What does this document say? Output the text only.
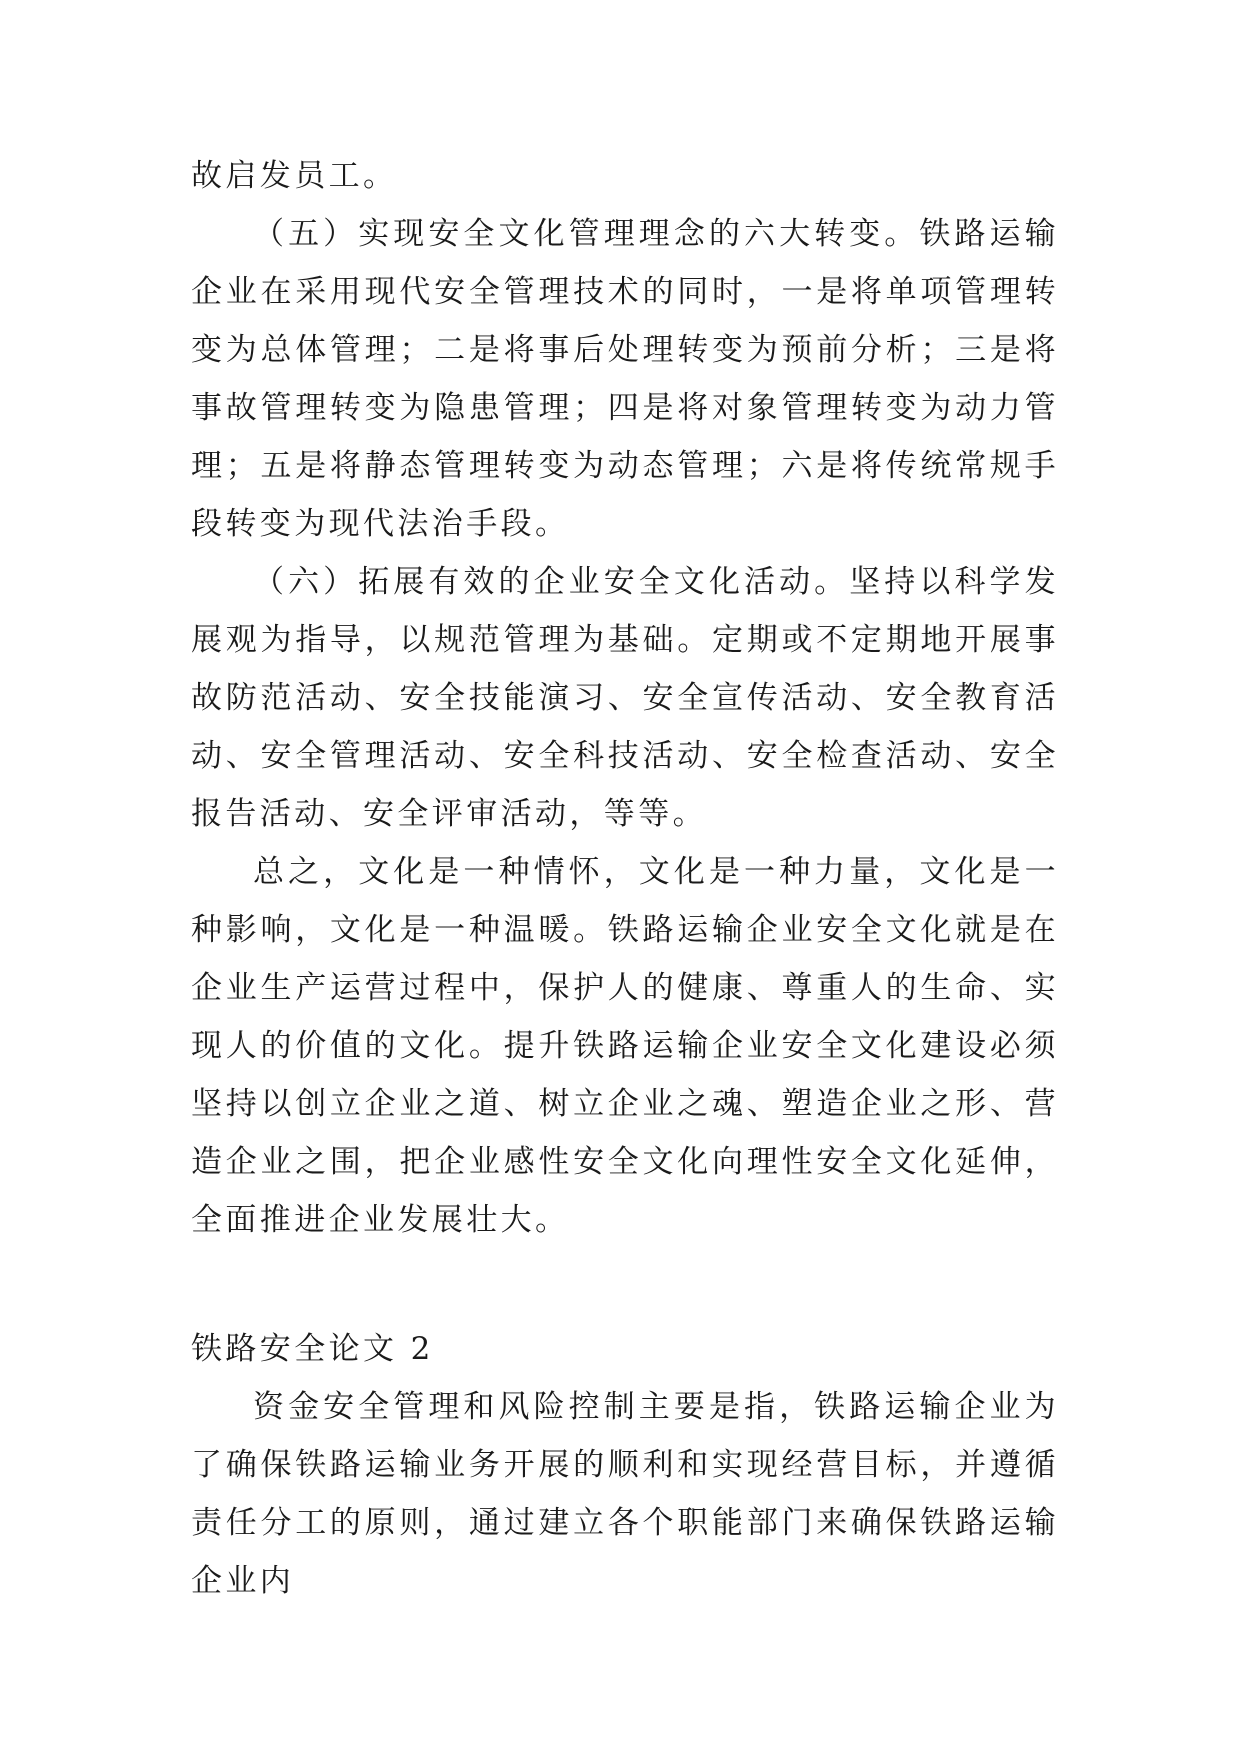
故启发员工。

（五）实现安全文化管理理念的六大转变。铁路运输企业在采用现代安全管理技术的同时，一是将单项管理转变为总体管理；二是将事后处理转变为预前分析；三是将事故管理转变为隐患管理；四是将对象管理转变为动力管理；五是将静态管理转变为动态管理；六是将传统常规手段转变为现代法治手段。

（六）拓展有效的企业安全文化活动。坚持以科学发展观为指导，以规范管理为基础。定期或不定期地开展事故防范活动、安全技能演习、安全宣传活动、安全教育活动、安全管理活动、安全科技活动、安全检查活动、安全报告活动、安全评审活动，等等。

总之，文化是一种情怀，文化是一种力量，文化是一种影响，文化是一种温暖。铁路运输企业安全文化就是在企业生产运营过程中，保护人的健康、尊重人的生命、实现人的价值的文化。提升铁路运输企业安全文化建设必须坚持以创立企业之道、树立企业之魂、塑造企业之形、营造企业之围，把企业感性安全文化向理性安全文化延伸，全面推进企业发展壮大。

铁路安全论文 2

资金安全管理和风险控制主要是指，铁路运输企业为了确保铁路运输业务开展的顺利和实现经营目标，并遵循责任分工的原则，通过建立各个职能部门来确保铁路运输企业内
